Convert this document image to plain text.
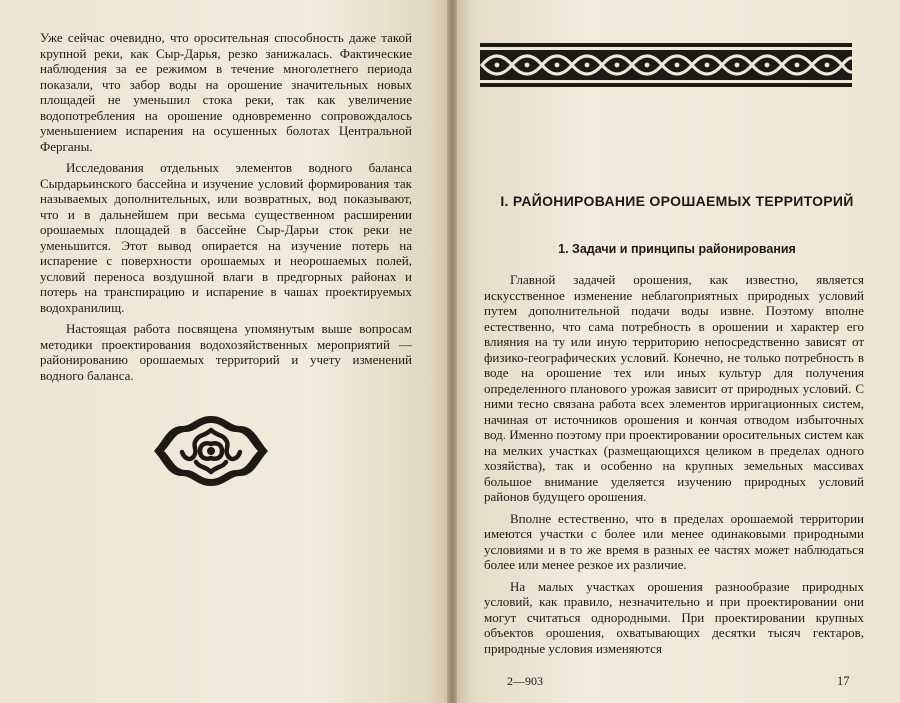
Уже сейчас очевидно, что оросительная способность даже такой крупной реки, как Сыр-Дарья, резко занижалась. Фактические наблюдения за ее режимом в течение многолетнего периода показали, что забор воды на орошение значительных новых площадей не уменьшил стока реки, так как увеличение водопотребления на орошение одновременно сопровождалось уменьшением испарения на осушенных болотах Центральной Ферганы.

Исследования отдельных элементов водного баланса Сырдарьинского бассейна и изучение условий формирования так называемых дополнительных, или возвратных, вод показывают, что и в дальнейшем при весьма существенном расширении орошаемых площадей в бассейне Сыр-Дарьи сток реки не уменьшится. Этот вывод опирается на изучение потерь на испарение с поверхности орошаемых и неорошаемых полей, условий переноса воздушной влаги в предгорных районах и потерь на транспирацию и испарение в чашах проектируемых водохранилищ.

Настоящая работа посвящена упомянутым выше вопросам методики проектирования водохозяйственных мероприятий — районированию орошаемых территорий и учету изменений водного баланса.

I. РАЙОНИРОВАНИЕ ОРОШАЕМЫХ ТЕРРИТОРИЙ
1. Задачи и принципы районирования

Главной задачей орошения, как известно, является искусственное изменение неблагоприятных природных условий путем дополнительной подачи воды извне. Поэтому вполне естественно, что сама потребность в орошении и характер его влияния на ту или иную территорию непосредственно зависят от физико-географических условий. Конечно, не только потребность в воде на орошение тех или иных культур для получения определенного планового урожая зависит от природных условий. С ними тесно связана работа всех элементов ирригационных систем, начиная от источников орошения и кончая отводом избыточных вод. Именно поэтому при проектировании оросительных систем как на мелких участках (размещающихся целиком в пределах одного хозяйства), так и особенно на крупных земельных массивах большое внимание уделяется изучению природных условий районов будущего орошения.

Вполне естественно, что в пределах орошаемой территории имеются участки с более или менее одинаковыми природными условиями и в то же время в разных ее частях может наблюдаться более или менее резкое их различие.

На малых участках орошения разнообразие природных условий, как правило, незначительно и при проектировании они могут считаться однородными. При проектировании крупных объектов орошения, охватывающих десятки тысяч гектаров, природные условия изменяются

2—903	17
